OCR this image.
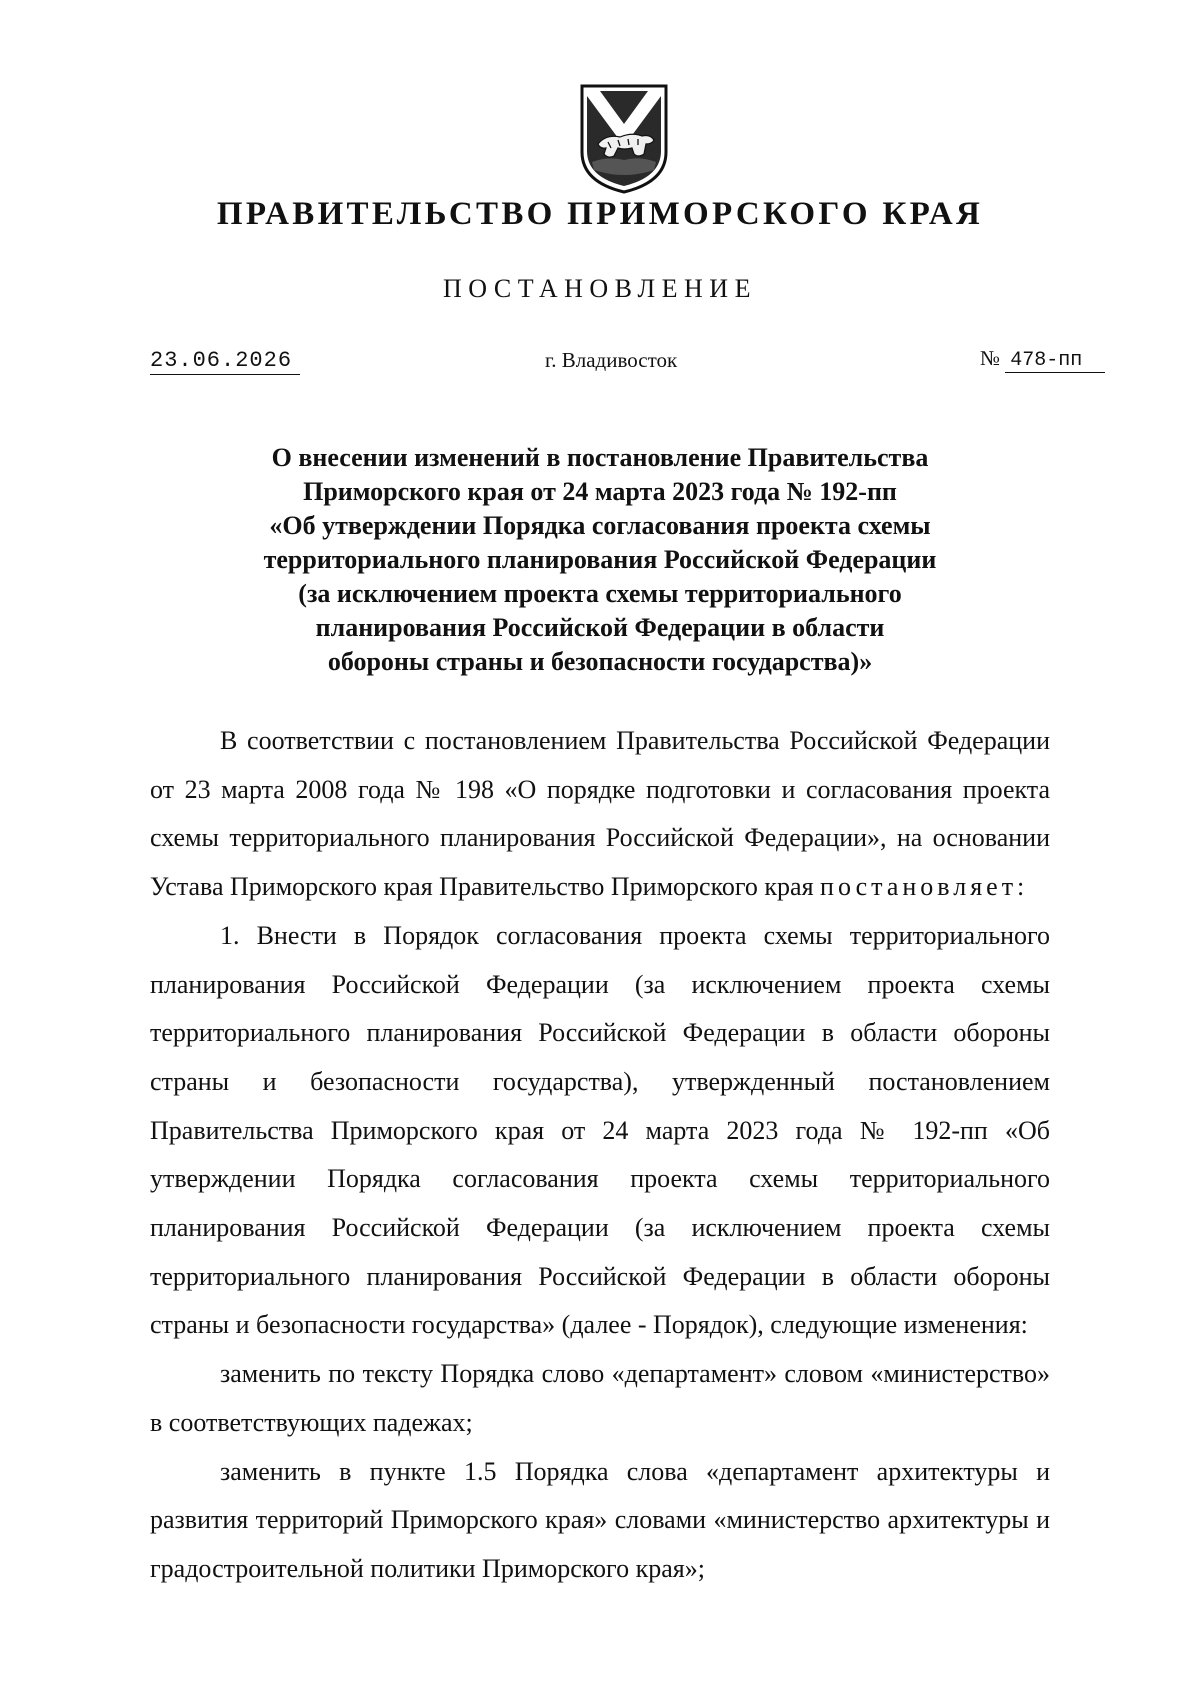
ПРАВИТЕЛЬСТВО ПРИМОРСКОГО КРАЯ
ПОСТАНОВЛЕНИЕ
23.06.2026	г. Владивосток	№ 478-пп
О внесении изменений в постановление Правительства
Приморского края от 24 марта 2023 года № 192-пп
«Об утверждении Порядка согласования проекта схемы
территориального планирования Российской Федерации
(за исключением проекта схемы территориального
планирования Российской Федерации в области
обороны страны и безопасности государства)»

В соответствии с постановлением Правительства Российской Федерации от 23 марта 2008 года № 198 «О порядке подготовки и согласования проекта схемы территориального планирования Российской Федерации», на основании Устава Приморского края Правительство Приморского края постановляет:

1. Внести в Порядок согласования проекта схемы территориального планирования Российской Федерации (за исключением проекта схемы территориального планирования Российской Федерации в области обороны страны и безопасности государства), утвержденный постановлением Правительства Приморского края от 24 марта 2023 года № 192-пп «Об утверждении Порядка согласования проекта схемы территориального планирования Российской Федерации (за исключением проекта схемы территориального планирования Российской Федерации в области обороны страны и безопасности государства» (далее - Порядок), следующие изменения:

заменить по тексту Порядка слово «департамент» словом «министерство» в соответствующих падежах;

заменить в пункте 1.5 Порядка слова «департамент архитектуры и развития территорий Приморского края» словами «министерство архитектуры и градостроительной политики Приморского края»;
